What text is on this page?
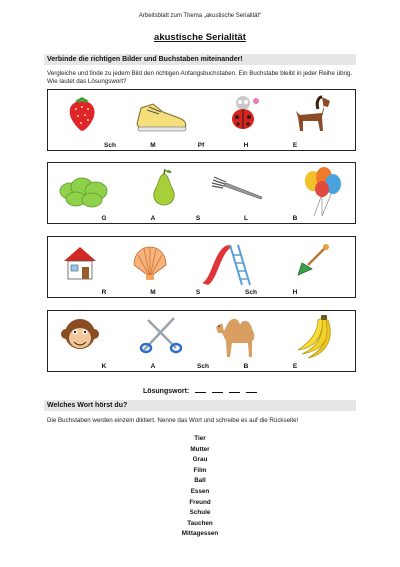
Arbeitsblatt zum Thema „akustische Serialität“
akustische Serialität
Verbinde die richtigen Bilder und Buchstaben miteinander!
Vergleiche und finde zu jedem Bild den richtigen Anfangsbuchstaben. Ein Buchstabe bleibt in jeder Reihe übrig. Wie lautet das Lösungswort?
Sch	M	Pf	H	E
G	A	S	L	B
R	M	S	Sch	H
K	A	Sch	B	E
Lösungswort:
Welches Wort hörst du?
Die Buchstaben werden einzeln diktiert. Nenne das Wort und schreibe es auf die Rückseite!
Tier
Mutter
Grau
Film
Ball
Essen
Freund
Schule
Tauchen
Mittagessen
